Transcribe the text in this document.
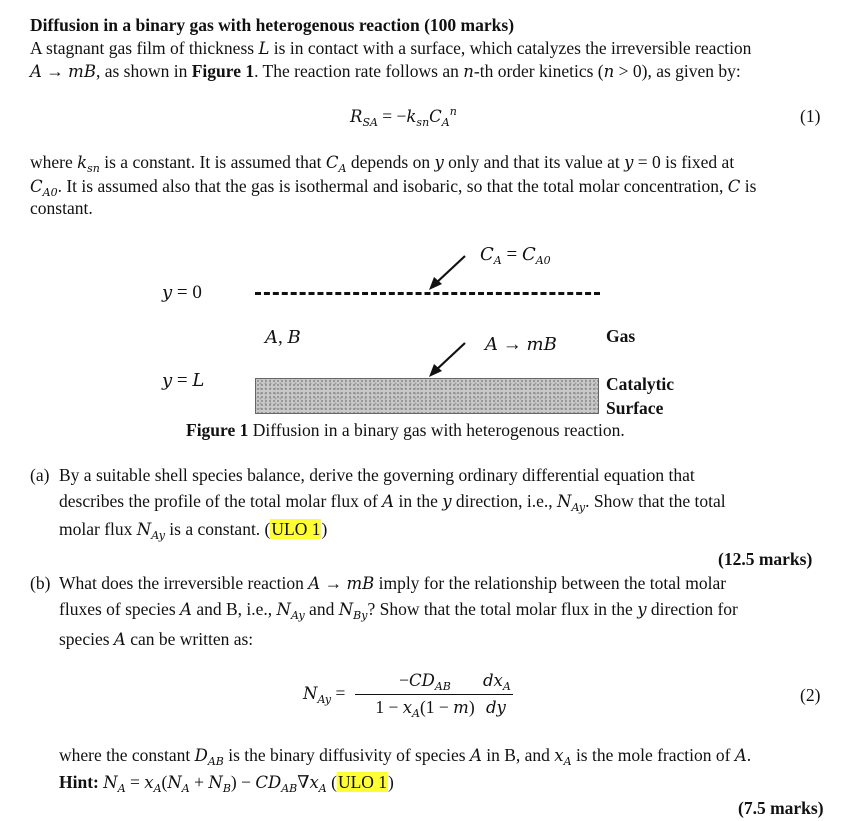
Diffusion in a binary gas with heterogenous reaction (100 marks)
A stagnant gas film of thickness L is in contact with a surface, which catalyzes the irreversible reaction
A → mB, as shown in Figure 1. The reaction rate follows an n-th order kinetics (n > 0), as given by:
$R_{SA} = -k_{sn}C_A^n$	(1)
where $k_{sn}$ is a constant. It is assumed that $C_A$ depends on y only and that its value at y = 0 is fixed at
$C_{A0}$. It is assumed also that the gas is isothermal and isobaric, so that the total molar concentration, C is
constant.
$C_A = C_{A0}$
y = 0
A, B	A → mB	Gas
y = L	Catalytic
Surface
Figure 1 Diffusion in a binary gas with heterogenous reaction.
(a) By a suitable shell species balance, derive the governing ordinary differential equation that
describes the profile of the total molar flux of A in the y direction, i.e., $N_{Ay}$. Show that the total
molar flux $N_{Ay}$ is a constant. (ULO 1)
(12.5 marks)
(b) What does the irreversible reaction A → mB imply for the relationship between the total molar
fluxes of species A and B, i.e., $N_{Ay}$ and $N_{By}$? Show that the total molar flux in the y direction for
species A can be written as:
$N_{Ay}$ =
$-CD_{AB}$
$1 - x_A(1 - m)$
$dx_A$
dy
(2)
where the constant $D_{AB}$ is the binary diffusivity of species A in B, and $x_A$ is the mole fraction of A.
Hint: $N_A = x_A(N_A + N_B) - CD_{AB}\nabla x_A$ (ULO 1)
(7.5 marks)
